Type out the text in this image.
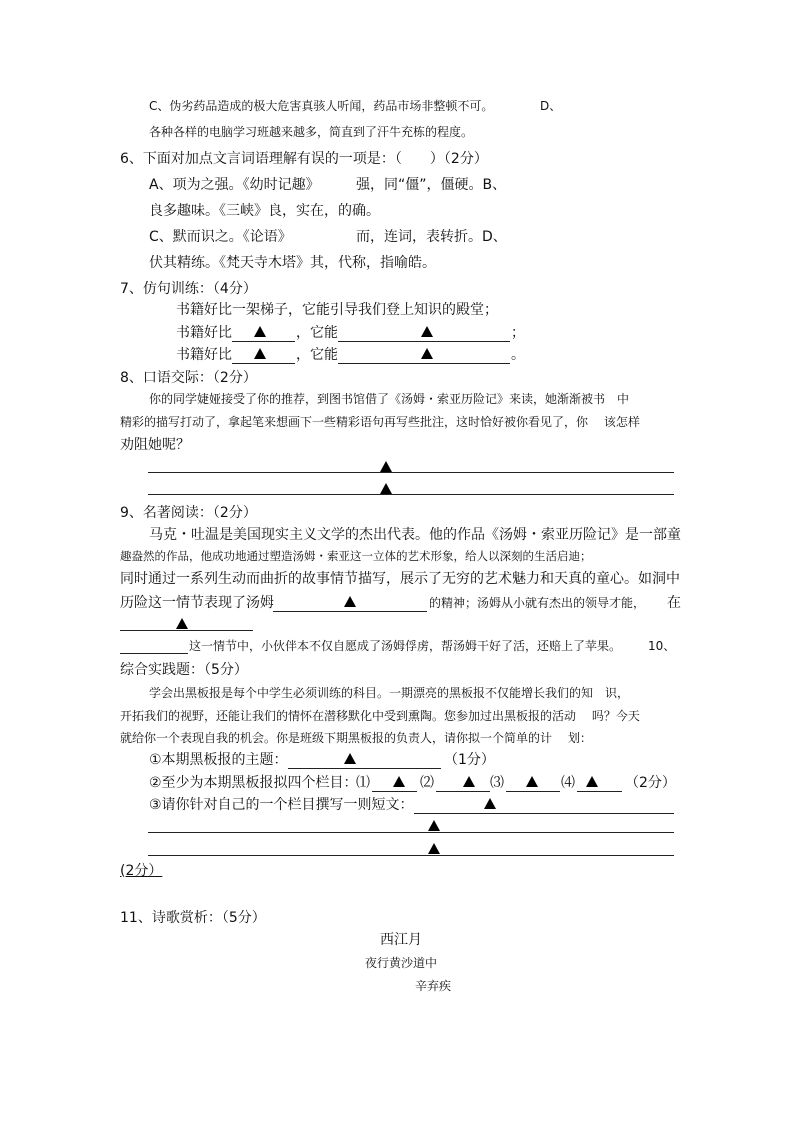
C、伪劣药品造成的极大危害真骇人听闻，药品市场非整顿不可。	D、
各种各样的电脑学习班越来越多，简直到了汗牛充栋的程度。
6、下面对加点文言词语理解有误的一项是：（　　）（2分）
A、项为之强。《幼时记趣》	强，同“僵”，僵硬。B、
良多趣味。《三峡》良，实在，的确。
C、默而识之。《论语》	而，连词，表转折。D、
伏其精练。《梵天寺木塔》其，代称，指喻皓。
7、仿句训练：（4分）
书籍好比一架梯子，它能引导我们登上知识的殿堂；
书籍好比	，它能	；
书籍好比	，它能	。
8、口语交际：（2分）
你的同学婕娅接受了你的推荐，到图书馆借了《汤姆・索亚历险记》来读，她渐渐被书　中
精彩的描写打动了，拿起笔来想画下一些精彩语句再写些批注，这时恰好被你看见了，你　 该怎样
劝阻她呢？
9、名著阅读：（2分）
马克・吐温是美国现实主义文学的杰出代表。他的作品《汤姆・索亚历险记》是一部童
趣盎然的作品，他成功地通过塑造汤姆・索亚这一立体的艺术形象，给人以深刻的生活启迪；
同时通过一系列生动而曲折的故事情节描写，展示了无穷的艺术魅力和天真的童心。如洞中
历险这一情节表现了汤姆	的精神；汤姆从小就有杰出的领导才能， 在
这一情节中，小伙伴本不仅自愿成了汤姆俘虏，帮汤姆干好了活，还赔上了苹果。 10、
综合实践题：（5分）
学会出黑板报是每个中学生必须训练的科目。一期漂亮的黑板报不仅能增长我们的知　识，
开拓我们的视野，还能让我们的情怀在潜移默化中受到熏陶。您参加过出黑板报的活动　 吗？今天
就给你一个表现自我的机会。你是班级下期黑板报的负责人，请你拟一个简单的计　 划：
①本期黑板报的主题：	（1分）
②至少为本期黑板报拟四个栏目：
⑴	⑵	⑶	⑷	（2分）
③请你针对自己的一个栏目撰写一则短文：
(2分）
11、诗歌赏析：（5分）
西江月
夜行黄沙道中
辛弃疾
